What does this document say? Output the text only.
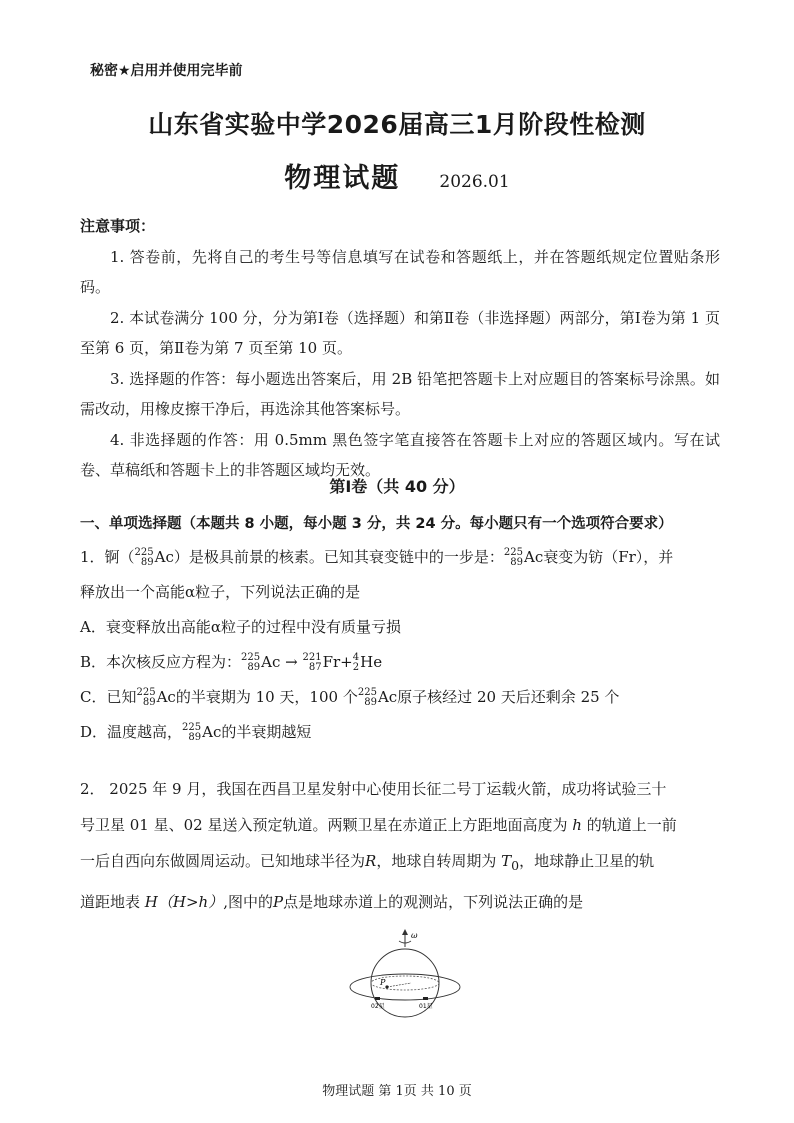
秘密★启用并使用完毕前
山东省实验中学2026届高三1月阶段性检测
物理试题 2026.01
注意事项：

1. 答卷前，先将自己的考生号等信息填写在试卷和答题纸上，并在答题纸规定位置贴条形码。

2. 本试卷满分 100 分，分为第Ⅰ卷（选择题）和第Ⅱ卷（非选择题）两部分，第Ⅰ卷为第 1 页至第 6 页，第Ⅱ卷为第 7 页至第 10 页。

3. 选择题的作答：每小题选出答案后，用 2B 铅笔把答题卡上对应题目的答案标号涂黑。如需改动，用橡皮擦干净后，再选涂其他答案标号。

4. 非选择题的作答：用 0.5mm 黑色签字笔直接答在答题卡上对应的答题区域内。写在试卷、草稿纸和答题卡上的非答题区域均无效。

第Ⅰ卷（共 40 分）
一、单项选择题（本题共 8 小题，每小题 3 分，共 24 分。每小题只有一个选项符合要求）

1．锕（ 225
89 Ac）是极具前景的核素。已知其衰变链中的一步是： 225
89 Ac衰变为钫（Fr），并

释放出一个高能α粒子，下列说法正确的是

A．衰变释放出高能α粒子的过程中没有质量亏损

B．本次核反应方程为： 225
89 Ac → 221
87 Fr+ 4
2 He

C．已知 225
89 Ac的半衰期为 10 天，100 个 225
89 Ac原子核经过 20 天后还剩余 25 个

D．温度越高， 225
89 Ac的半衰期越短

2． 2025 年 9 月，我国在西昌卫星发射中心使用长征二号丁运载火箭，成功将试验三十

号卫星 01 星、02 星送入预定轨道。两颗卫星在赤道正上方距地面高度为 h 的轨道上一前

一后自西向东做圆周运动。已知地球半径为R，地球自转周期为 $T_0$，地球静止卫星的轨

道距地表 H（H>h）,图中的P点是地球赤道上的观测站，下列说法正确的是

ω
P
02星	01星
物理试题 第 1页 共 10 页
